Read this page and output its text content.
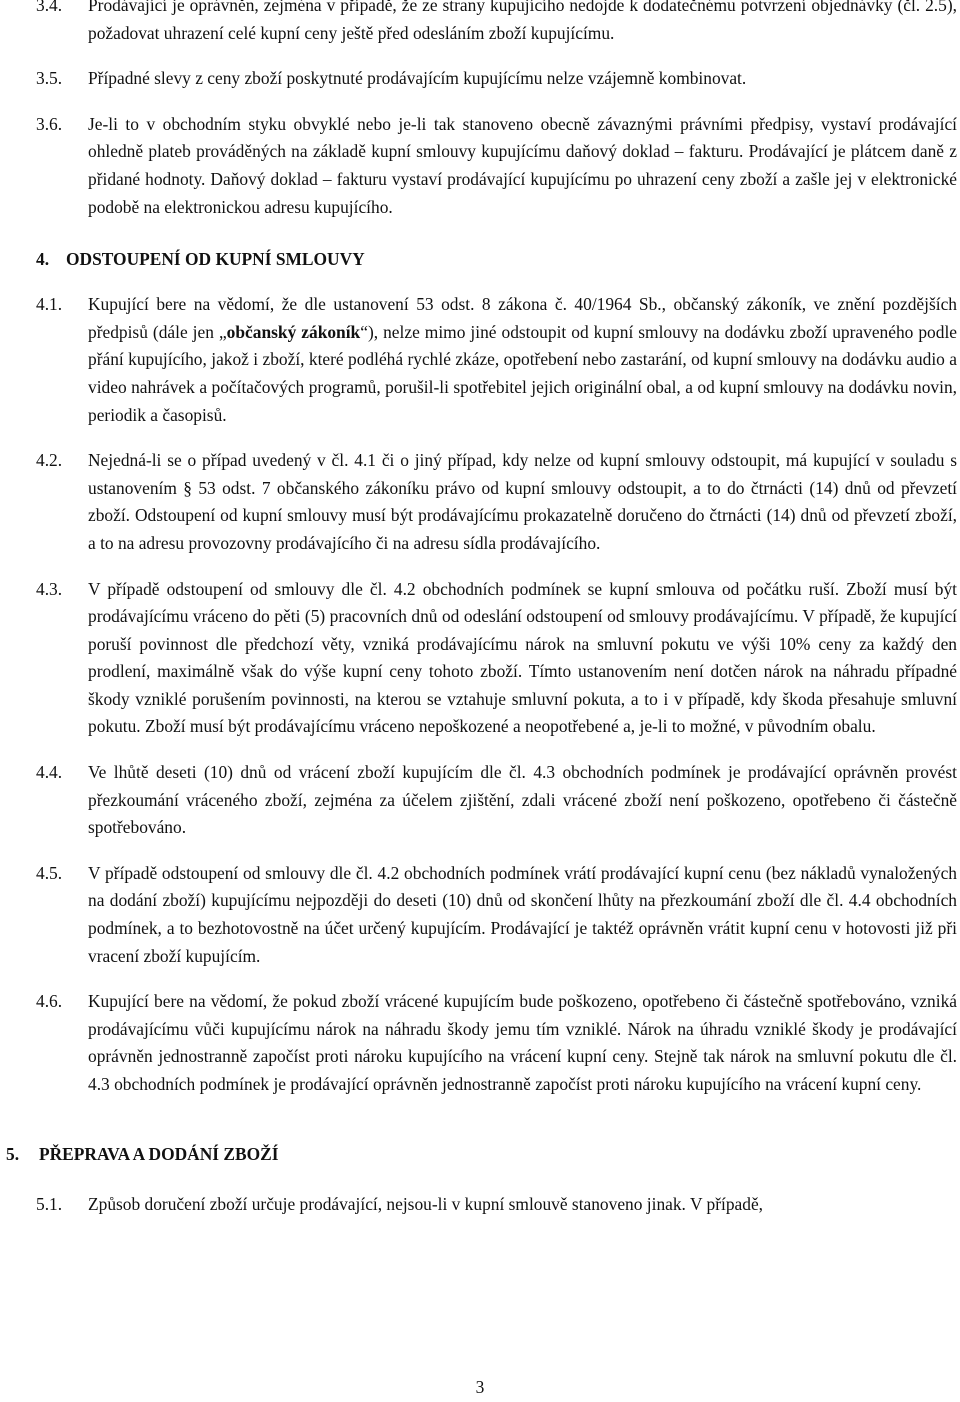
3.4. Prodávající je oprávněn, zejména v případě, že ze strany kupujícího nedojde k dodatečnému potvrzení objednávky (čl. 2.5), požadovat uhrazení celé kupní ceny ještě před odesláním zboží kupujícímu.
3.5. Případné slevy z ceny zboží poskytnuté prodávajícím kupujícímu nelze vzájemně kombinovat.
3.6. Je-li to v obchodním styku obvyklé nebo je-li tak stanoveno obecně závaznými právními předpisy, vystaví prodávající ohledně plateb prováděných na základě kupní smlouvy kupujícímu daňový doklad – fakturu. Prodávající je plátcem daně z přidané hodnoty. Daňový doklad – fakturu vystaví prodávající kupujícímu po uhrazení ceny zboží a zašle jej v elektronické podobě na elektronickou adresu kupujícího.
4. ODSTOUPENÍ OD KUPNÍ SMLOUVY
4.1. Kupující bere na vědomí, že dle ustanovení 53 odst. 8 zákona č. 40/1964 Sb., občanský zákoník, ve znění pozdějších předpisů (dále jen „občanský zákoník“), nelze mimo jiné odstoupit od kupní smlouvy na dodávku zboží upraveného podle přání kupujícího, jakož i zboží, které podléhá rychlé zkáze, opotřebení nebo zastarání, od kupní smlouvy na dodávku audio a video nahrávek a počítačových programů, porušil-li spotřebitel jejich originální obal, a od kupní smlouvy na dodávku novin, periodik a časopisů.
4.2. Nejedná-li se o případ uvedený v čl. 4.1 či o jiný případ, kdy nelze od kupní smlouvy odstoupit, má kupující v souladu s ustanovením § 53 odst. 7 občanského zákoníku právo od kupní smlouvy odstoupit, a to do čtrnácti (14) dnů od převzetí zboží. Odstoupení od kupní smlouvy musí být prodávajícímu prokazatelně doručeno do čtrnácti (14) dnů od převzetí zboží, a to na adresu provozovny prodávajícího či na adresu sídla prodávajícího.
4.3. V případě odstoupení od smlouvy dle čl. 4.2 obchodních podmínek se kupní smlouva od počátku ruší. Zboží musí být prodávajícímu vráceno do pěti (5) pracovních dnů od odeslání odstoupení od smlouvy prodávajícímu. V případě, že kupující poruší povinnost dle předchozí věty, vzniká prodávajícímu nárok na smluvní pokutu ve výši 10% ceny za každý den prodlení, maximálně však do výše kupní ceny tohoto zboží. Tímto ustanovením není dotčen nárok na náhradu případné škody vzniklé porušením povinnosti, na kterou se vztahuje smluvní pokuta, a to i v případě, kdy škoda přesahuje smluvní pokutu. Zboží musí být prodávajícímu vráceno nepoškozené a neopotřebené a, je-li to možné, v původním obalu.
4.4. Ve lhůtě deseti (10) dnů od vrácení zboží kupujícím dle čl. 4.3 obchodních podmínek je prodávající oprávněn provést přezkoumání vráceného zboží, zejména za účelem zjištění, zdali vrácené zboží není poškozeno, opotřebeno či částečně spotřebováno.
4.5. V případě odstoupení od smlouvy dle čl. 4.2 obchodních podmínek vrátí prodávající kupní cenu (bez nákladů vynaložených na dodání zboží) kupujícímu nejpozději do deseti (10) dnů od skončení lhůty na přezkoumání zboží dle čl. 4.4 obchodních podmínek, a to bezhotovostně na účet určený kupujícím. Prodávající je taktéž oprávněn vrátit kupní cenu v hotovosti již při vracení zboží kupujícím.
4.6. Kupující bere na vědomí, že pokud zboží vrácené kupujícím bude poškozeno, opotřebeno či částečně spotřebováno, vzniká prodávajícímu vůči kupujícímu nárok na náhradu škody jemu tím vzniklé. Nárok na úhradu vzniklé škody je prodávající oprávněn jednostranně započíst proti nároku kupujícího na vrácení kupní ceny. Stejně tak nárok na smluvní pokutu dle čl. 4.3 obchodních podmínek je prodávající oprávněn jednostranně započíst proti nároku kupujícího na vrácení kupní ceny.
5. PŘEPRAVA A DODÁNÍ ZBOŽÍ
5.1. Způsob doručení zboží určuje prodávající, nejsou-li v kupní smlouvě stanoveno jinak. V případě,
3
